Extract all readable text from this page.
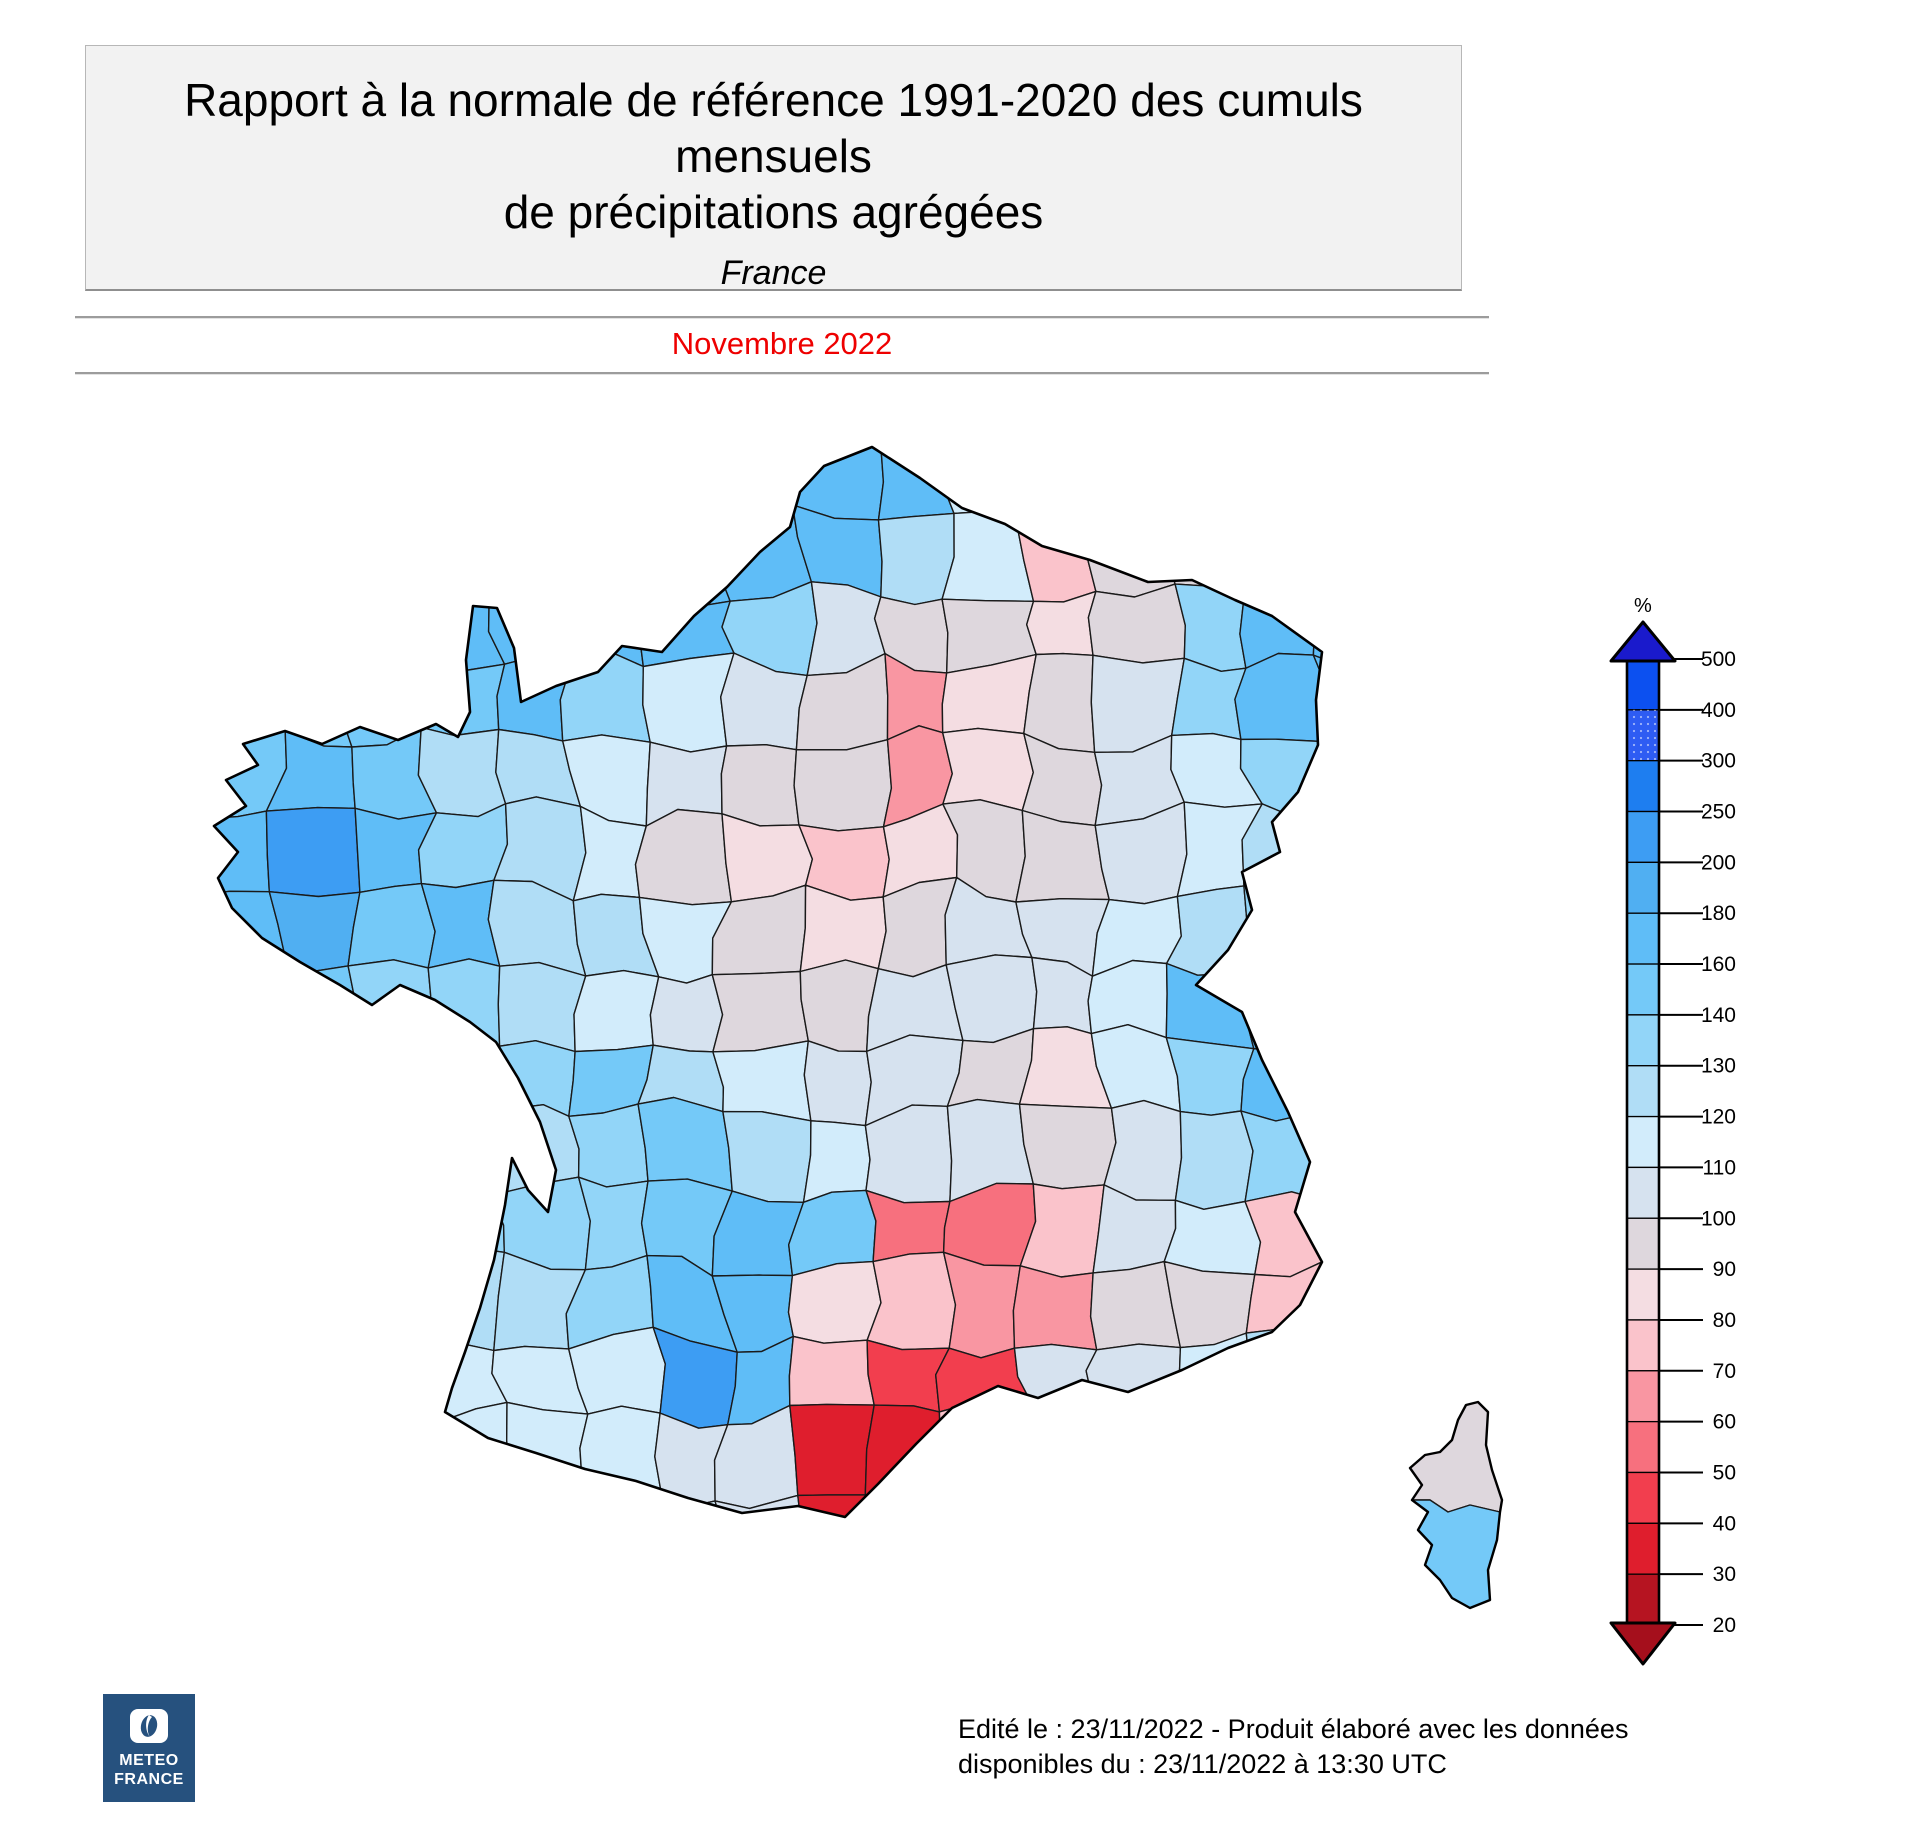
Rapport à la normale de référence 1991-2020 des cumuls mensuels
de précipitations agrégées
France
Novembre 2022
%
500
400
300
250
200
180
160
140
130
120
110
100
90
80
70
60
50
40
30
20
METEO
FRANCE
Edité le : 23/11/2022 - Produit élaboré avec les données
disponibles du : 23/11/2022 à 13:30 UTC
